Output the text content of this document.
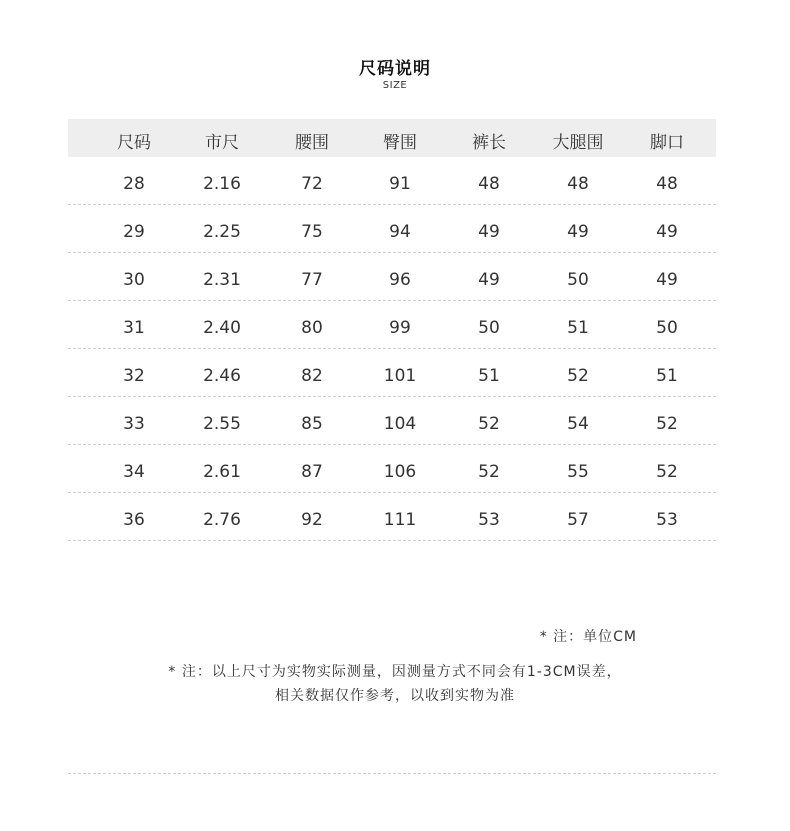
尺码说明
SIZE
尺码	市尺	腰围	臀围	裤长	大腿围	脚口
28	2.16	72	91	48	48	48
29	2.25	75	94	49	49	49
30	2.31	77	96	49	50	49
31	2.40	80	99	50	51	50
32	2.46	82	101	51	52	51
33	2.55	85	104	52	54	52
34	2.61	87	106	52	55	52
36	2.76	92	111	53	57	53
* 注：单位CM
* 注：以上尺寸为实物实际测量，因测量方式不同会有1-3CM误差，
相关数据仅作参考，以收到实物为准
